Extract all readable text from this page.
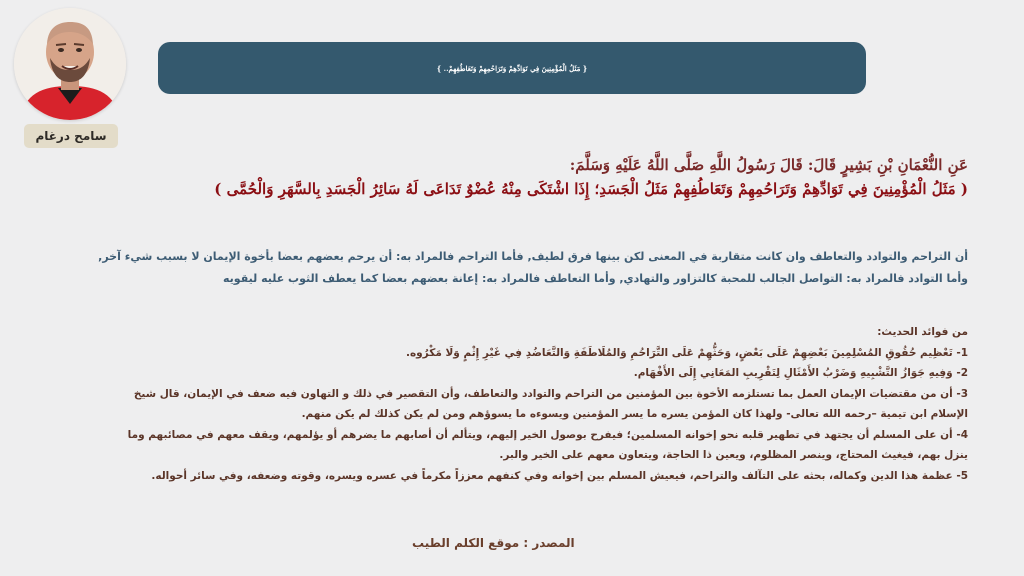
سامح درغام
{ مَثَلُ الْمُؤْمِنِينَ فِي تَوَادِّهِمْ وَتَرَاحُمِهِمْ وَتَعَاطُفِهِمْ.. }
عَنِ النُّعْمَانِ بْنِ بَشِيرٍ قَالَ: قَالَ رَسُولُ اللَّهِ صَلَّى اللَّهُ عَلَيْهِ وَسَلَّمَ:
( مَثَلُ الْمُؤْمِنِينَ فِي تَوَادِّهِمْ وَتَرَاحُمِهِمْ وَتَعَاطُفِهِمْ مَثَلُ الْجَسَدِ؛ إِذَا اشْتَكَى مِنْهُ عُضْوٌ تَدَاعَى لَهُ سَائِرُ الْجَسَدِ بِالسَّهَرِ وَالْحُمَّى )
أن التراحم والتوادد والتعاطف وان كانت متقاربة في المعنى لكن بينها فرق لطيف, فأما التراحم فالمراد به: أن يرحم بعضهم بعضا بأخوة الإيمان لا بسبب شيء آخر,
وأما التوادد فالمراد به: التواصل الجالب للمحبة كالتزاور والتهادي, وأما التعاطف فالمراد به: إعانة بعضهم بعضا كما يعطف الثوب عليه ليقويه
من فوائد الحديث:
1- تَعْظِيم حُقُوقِ المُسْلِمِينَ بَعْضِهِمْ عَلَى بَعْضٍ، وَحَثُّهِمْ عَلَى التَّرَاحُمِ وَالمُلَاطَفَةِ وَالتَّعَاضُدِ فِي غَيْرِ إِثْمٍ وَلَا مَكْرُوه.
2- وَفِيهِ جَوَازُ التَّشْبِيهِ وَضَرْبُ الأَمْثَالِ لِتَقْرِيبِ المَعَانِي إِلَى الأَفْهَام.
3- أن من مقتضيات الإيمان العمل بما تستلزمه الأخوة بين المؤمنين من التراحم والتوادد والتعاطف، وأن التقصير في ذلك و التهاون فيه ضعف في الإيمان، قال شيخ
الإسلام ابن تيمية –رحمه الله تعالى- ولهذا كان المؤمن يسره ما يسر المؤمنين ويسوءه ما يسوؤهم ومن لم يكن كذلك لم يكن منهم.
4- أن على المسلم أن يجتهد في تطهير قلبه نحو إخوانه المسلمين؛ فيفرح بوصول الخير إليهم، ويتألم أن أصابهم ما يضرهم أو يؤلمهم، ويقف معهم في مصائبهم وما
ينزل بهم، فيغيث المحتاج، وينصر المظلوم، ويعين ذا الحاجة، ويتعاون معهم على الخير والبر.
5- عظمة هذا الدين وكماله، بحثه على التآلف والتراحم، فيعيش المسلم بين إخوانه وفي كنفهم معززاً مكرماً في عسره ويسره، وقوته وضعفه، وفي سائر أحواله.
المصدر : موقع الكلم الطيب
